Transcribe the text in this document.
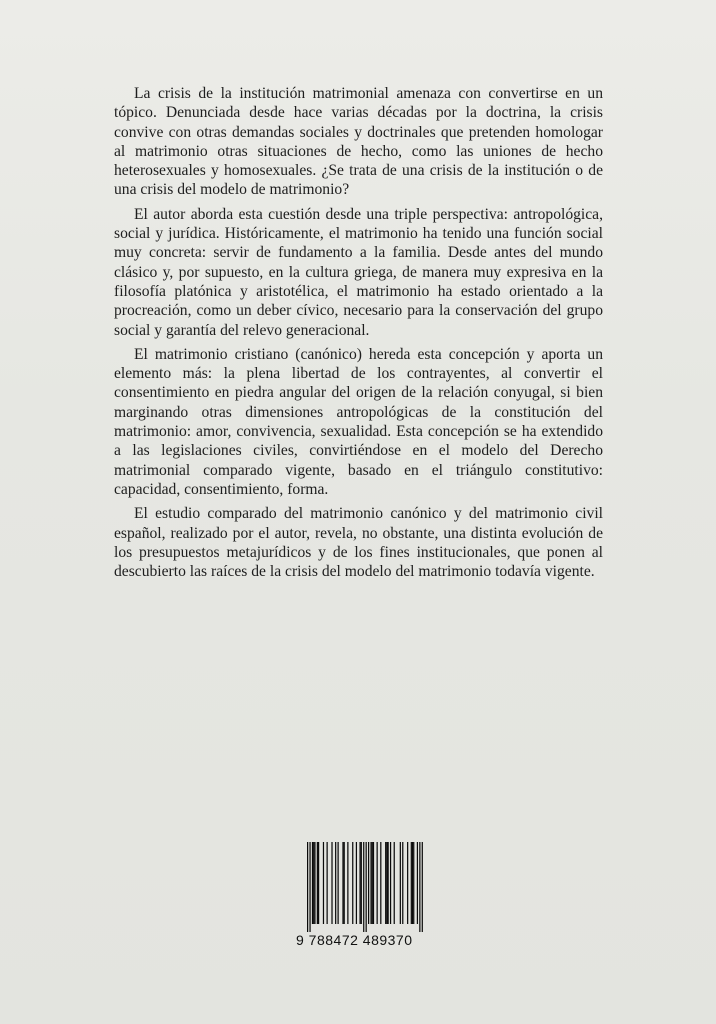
La crisis de la institución matrimonial amenaza con convertirse en un tópico. Denunciada desde hace varias décadas por la doctrina, la crisis convive con otras demandas sociales y doctrinales que pretenden homologar al matrimonio otras situaciones de hecho, como las uniones de hecho heterosexuales y homosexuales. ¿Se trata de una crisis de la institución o de una crisis del modelo de matrimonio?

El autor aborda esta cuestión desde una triple perspectiva: antropológica, social y jurídica. Históricamente, el matrimonio ha tenido una función social muy concreta: servir de fundamento a la familia. Desde antes del mundo clásico y, por supuesto, en la cultura griega, de manera muy expresiva en la filosofía platónica y aristotélica, el matrimonio ha estado orientado a la procreación, como un deber cívico, necesario para la conservación del grupo social y garantía del relevo generacional.

El matrimonio cristiano (canónico) hereda esta concepción y aporta un elemento más: la plena libertad de los contrayentes, al convertir el consentimiento en piedra angular del origen de la relación conyugal, si bien marginando otras dimensiones antropológicas de la constitución del matrimonio: amor, convivencia, sexualidad. Esta concepción se ha extendido a las legislaciones civiles, convirtiéndose en el modelo del Derecho matrimonial comparado vigente, basado en el triángulo constitutivo: capacidad, consentimiento, forma.

El estudio comparado del matrimonio canónico y del matrimonio civil español, realizado por el autor, revela, no obstante, una distinta evolución de los presupuestos metajurídicos y de los fines institucionales, que ponen al descubierto las raíces de la crisis del modelo del matrimonio todavía vigente.

9 788472 489370
